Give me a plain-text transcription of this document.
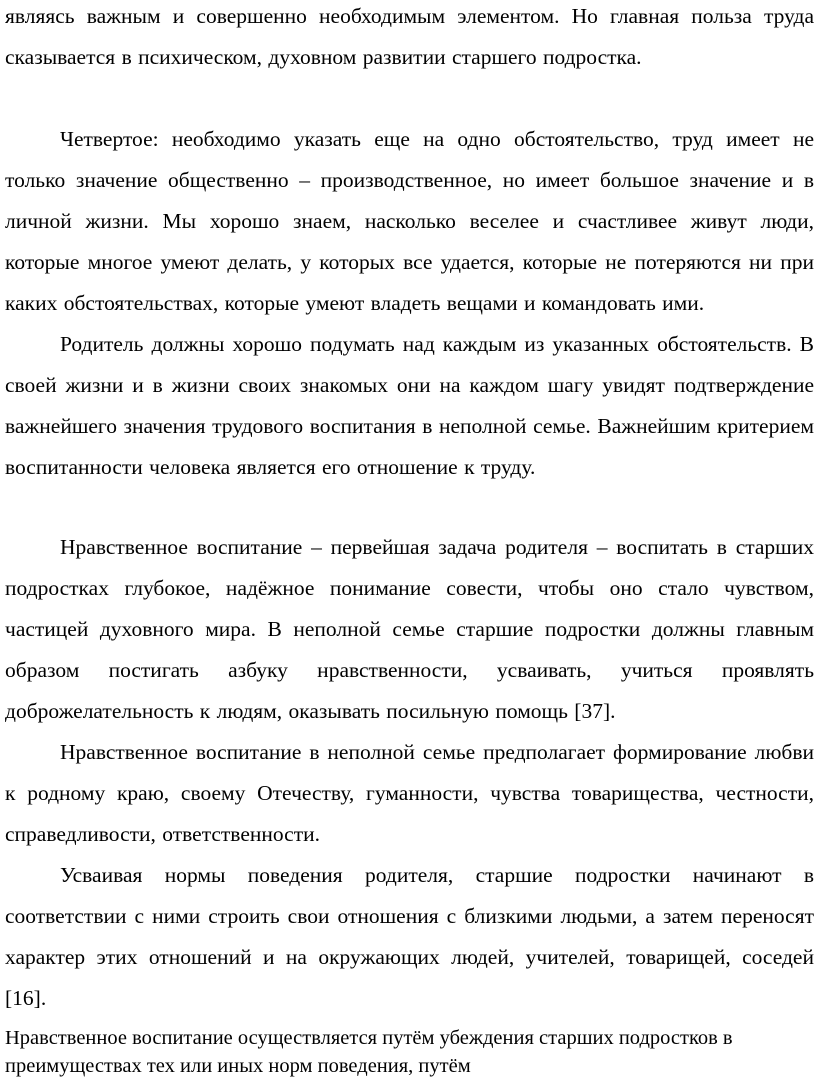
являясь важным и совершенно необходимым элементом. Но главная польза труда сказывается в психическом, духовном развитии старшего подростка.

Четвертое: необходимо указать еще на одно обстоятельство, труд имеет не только значение общественно – производственное, но имеет большое значение и в личной жизни. Мы хорошо знаем, насколько веселее и счастливее живут люди, которые многое умеют делать, у которых все удается, которые не потеряются ни при каких обстоятельствах, которые умеют владеть вещами и командовать ими.

Родитель должны хорошо подумать над каждым из указанных обстоятельств. В своей жизни и в жизни своих знакомых они на каждом шагу увидят подтверждение важнейшего значения трудового воспитания в неполной семье. Важнейшим критерием воспитанности человека является его отношение к труду.

Нравственное воспитание – первейшая задача родителя – воспитать в старших подростках глубокое, надёжное понимание совести, чтобы оно стало чувством, частицей духовного мира. В неполной семье старшие подростки должны главным образом постигать азбуку нравственности, усваивать, учиться проявлять доброжелательность к людям, оказывать посильную помощь [37].

Нравственное воспитание в неполной семье предполагает формирование любви к родному краю, своему Отечеству, гуманности, чувства товарищества, честности, справедливости, ответственности.

Усваивая нормы поведения родителя, старшие подростки начинают в соответствии с ними строить свои отношения с близкими людьми, а затем переносят характер этих отношений и на окружающих людей, учителей, товарищей, соседей [16].

Нравственное воспитание осуществляется путём убеждения старших подростков в преимуществах тех или иных норм поведения, путём
